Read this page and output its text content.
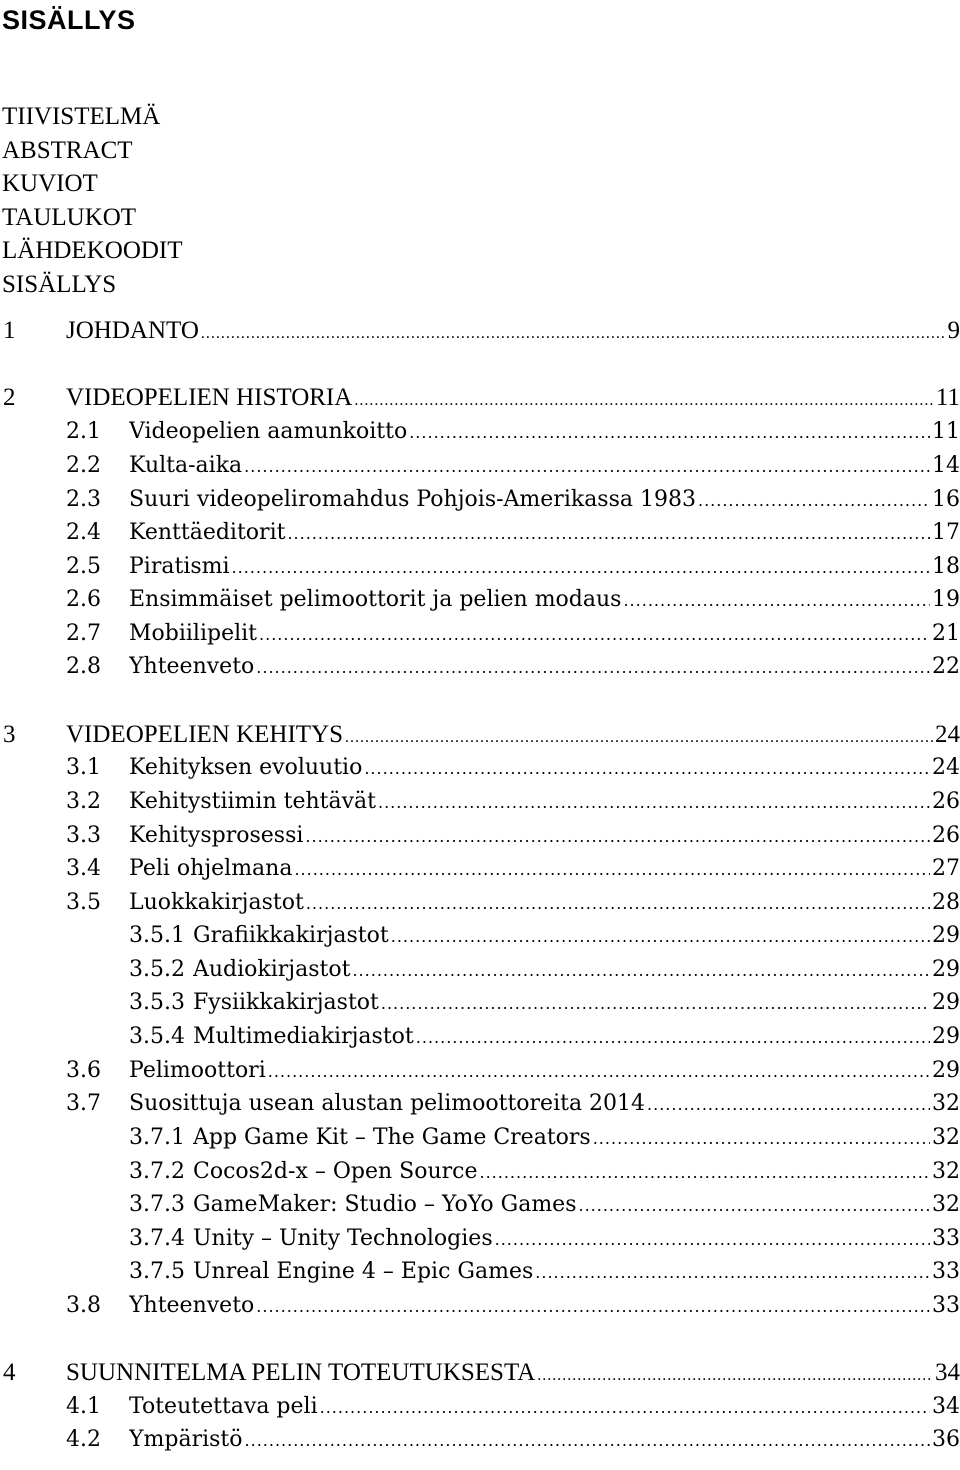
SISÄLLYS
TIIVISTELMÄ
ABSTRACT
KUVIOT
TAULUKOT
LÄHDEKOODIT
SISÄLLYS
1 JOHDANTO .....	9
2 VIDEOPELIEN HISTORIA .....	11
2.1 Videopelien aamunkoitto .....	11
2.2 Kulta-aika .....	14
2.3 Suuri videopeliromahdus Pohjois-Amerikassa 1983 .....	16
2.4 Kenttäeditorit .....	17
2.5 Piratismi .....	18
2.6 Ensimmäiset pelimoottorit ja pelien modaus .....	19
2.7 Mobiilipelit .....	21
2.8 Yhteenveto .....	22
3 VIDEOPELIEN KEHITYS .....	24
3.1 Kehityksen evoluutio .....	24
3.2 Kehitystiimin tehtävät .....	26
3.3 Kehitysprosessi .....	26
3.4 Peli ohjelmana .....	27
3.5 Luokkakirjastot .....	28
3.5.1 Grafiikkakirjastot .....	29
3.5.2 Audiokirjastot .....	29
3.5.3 Fysiikkakirjastot .....	29
3.5.4 Multimediakirjastot .....	29
3.6 Pelimoottori .....	29
3.7 Suosittuja usean alustan pelimoottoreita 2014 .....	32
3.7.1 App Game Kit – The Game Creators .....	32
3.7.2 Cocos2d-x – Open Source .....	32
3.7.3 GameMaker: Studio – YoYo Games .....	32
3.7.4 Unity – Unity Technologies .....	33
3.7.5 Unreal Engine 4 – Epic Games .....	33
3.8 Yhteenveto .....	33
4 SUUNNITELMA PELIN TOTEUTUKSESTA .....	34
4.1 Toteutettava peli .....	34
4.2 Ympäristö .....	36
